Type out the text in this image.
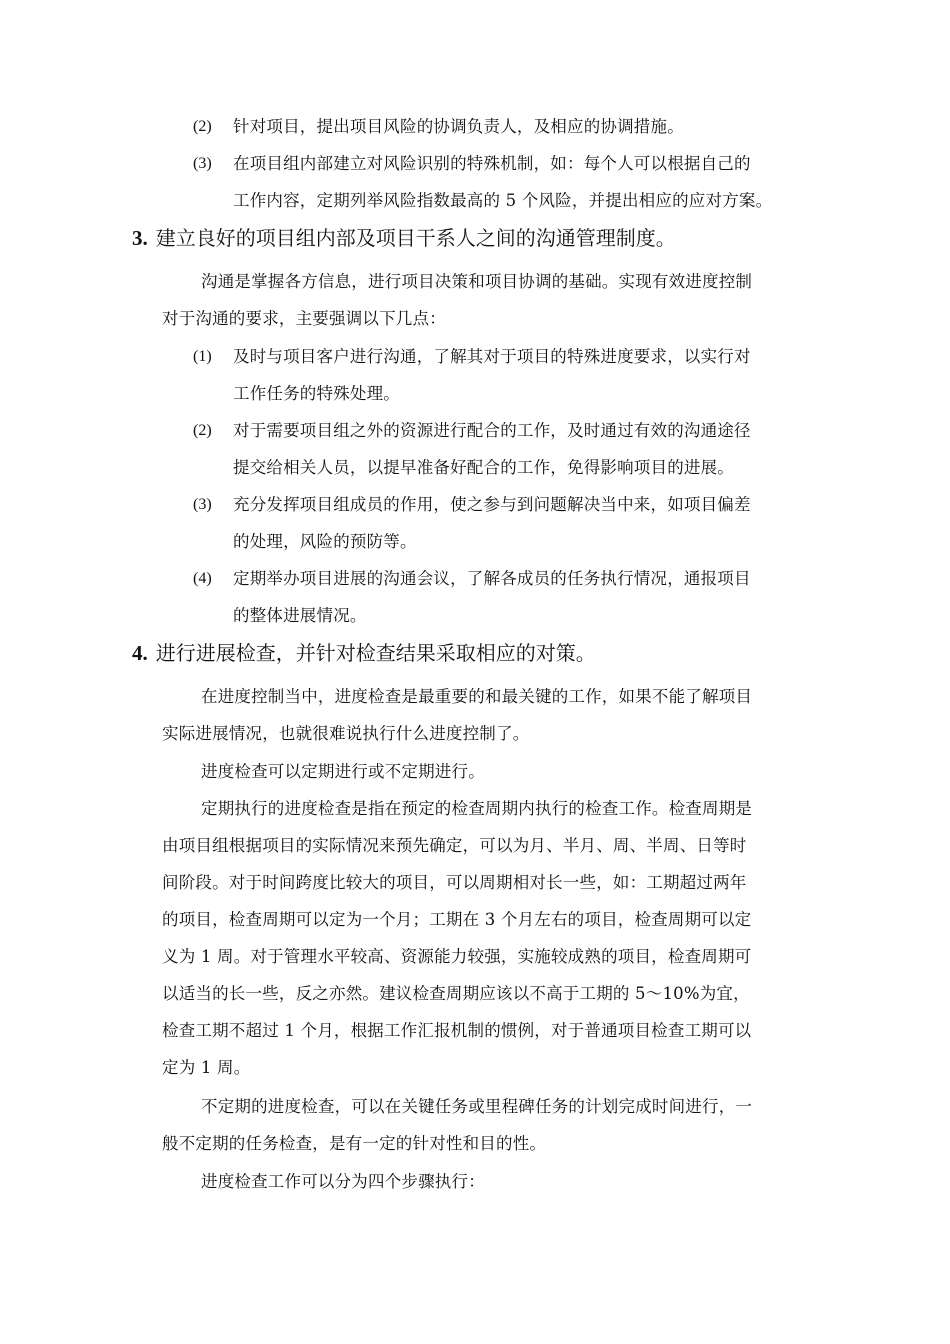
(2) 针对项目，提出项目风险的协调负责人，及相应的协调措施。
(3) 在项目组内部建立对风险识别的特殊机制，如：每个人可以根据自己的
工作内容，定期列举风险指数最高的 5 个风险，并提出相应的应对方案。
3. 建立良好的项目组内部及项目干系人之间的沟通管理制度。
沟通是掌握各方信息，进行项目决策和项目协调的基础。实现有效进度控制
对于沟通的要求，主要强调以下几点：
(1) 及时与项目客户进行沟通，了解其对于项目的特殊进度要求，以实行对
工作任务的特殊处理。
(2) 对于需要项目组之外的资源进行配合的工作，及时通过有效的沟通途径
提交给相关人员，以提早准备好配合的工作，免得影响项目的进展。
(3) 充分发挥项目组成员的作用，使之参与到问题解决当中来，如项目偏差
的处理，风险的预防等。
(4) 定期举办项目进展的沟通会议，了解各成员的任务执行情况，通报项目
的整体进展情况。
4. 进行进展检查，并针对检查结果采取相应的对策。
在进度控制当中，进度检查是最重要的和最关键的工作，如果不能了解项目
实际进展情况，也就很难说执行什么进度控制了。
进度检查可以定期进行或不定期进行。
定期执行的进度检查是指在预定的检查周期内执行的检查工作。检查周期是
由项目组根据项目的实际情况来预先确定，可以为月、半月、周、半周、日等时
间阶段。对于时间跨度比较大的项目，可以周期相对长一些，如：工期超过两年
的项目，检查周期可以定为一个月；工期在 3 个月左右的项目，检查周期可以定
义为 1 周。对于管理水平较高、资源能力较强，实施较成熟的项目，检查周期可
以适当的长一些，反之亦然。建议检查周期应该以不高于工期的 5～10%为宜，
检查工期不超过 1 个月，根据工作汇报机制的惯例，对于普通项目检查工期可以
定为 1 周。
不定期的进度检查，可以在关键任务或里程碑任务的计划完成时间进行，一
般不定期的任务检查，是有一定的针对性和目的性。
进度检查工作可以分为四个步骤执行：
